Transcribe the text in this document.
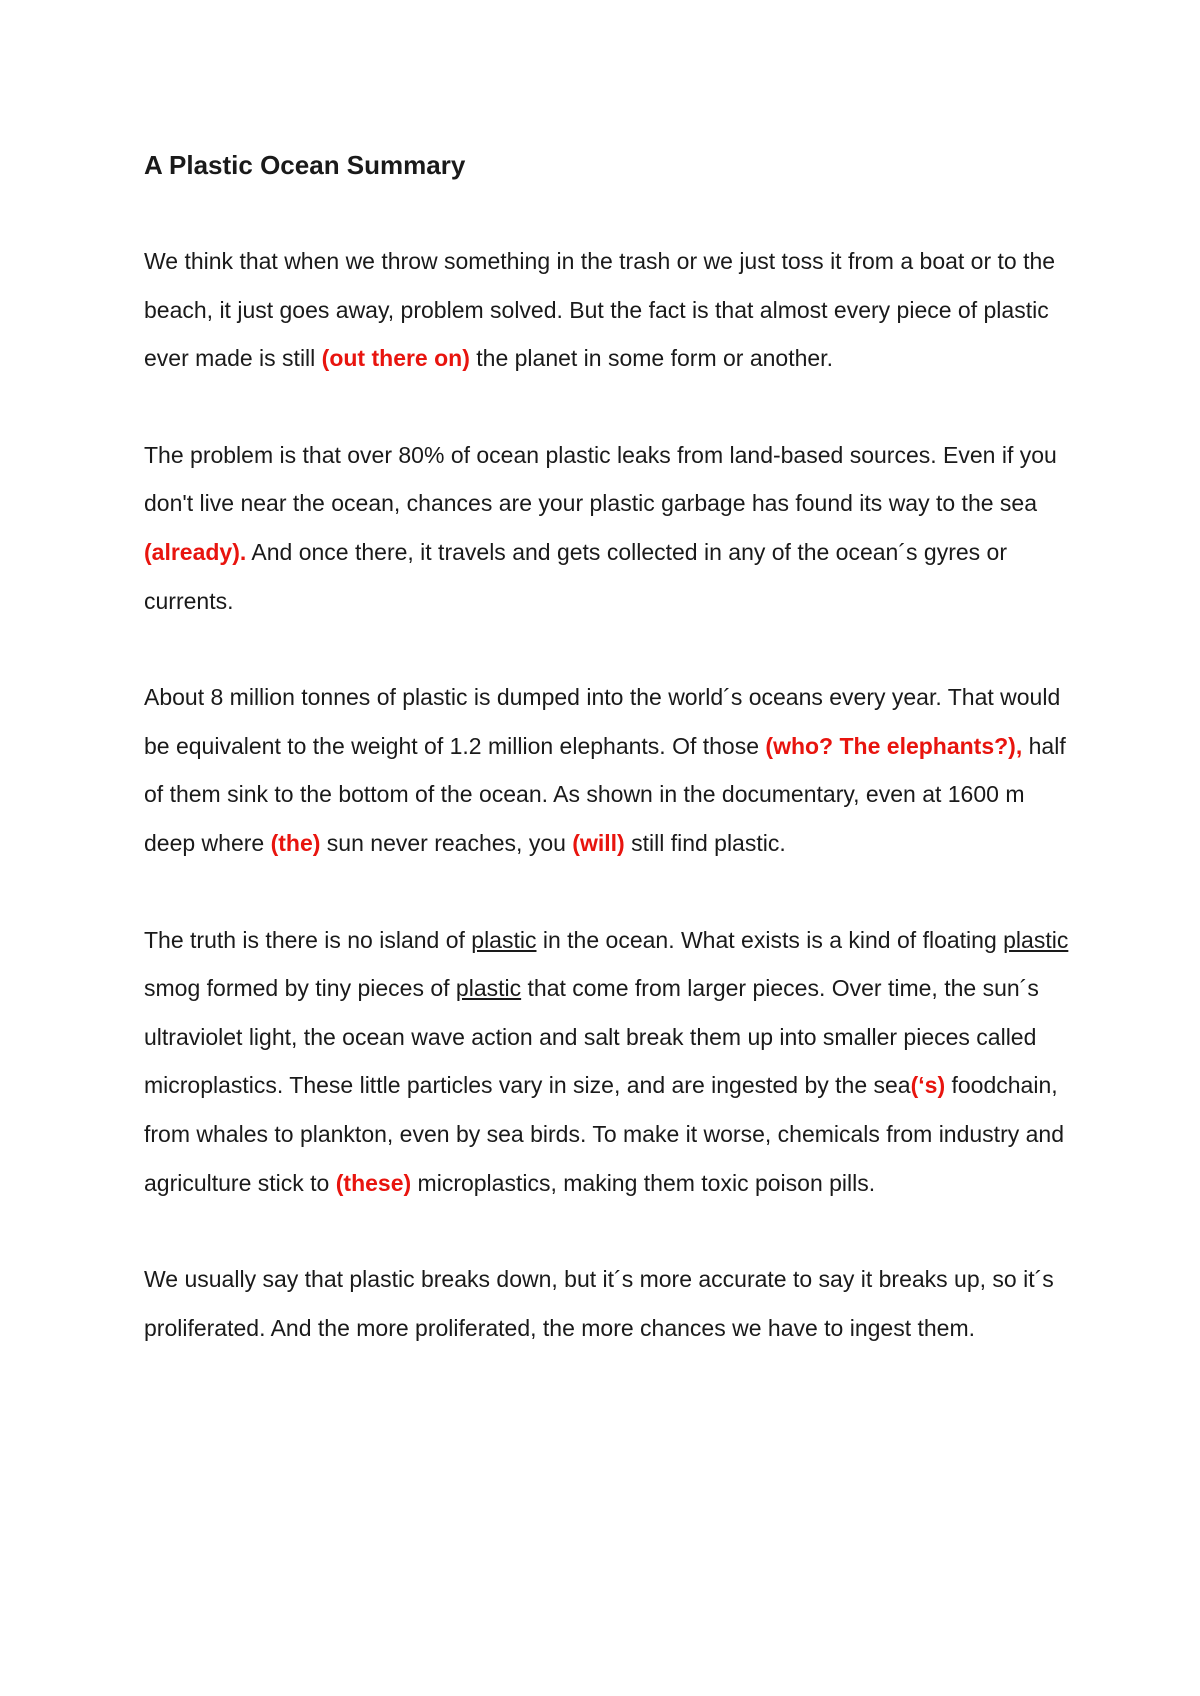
A Plastic Ocean Summary

We think that when we throw something in the trash or we just toss it from a boat or to the beach, it just goes away, problem solved. But the fact is that almost every piece of plastic ever made is still (out there on) the planet in some form or another.

The problem is that over 80% of ocean plastic leaks from land-based sources. Even if you don't live near the ocean, chances are your plastic garbage has found its way to the sea (already). And once there, it travels and gets collected in any of the ocean´s gyres or currents.

About 8 million tonnes of plastic is dumped into the world´s oceans every year. That would be equivalent to the weight of 1.2 million elephants. Of those (who? The elephants?), half of them sink to the bottom of the ocean. As shown in the documentary, even at 1600 m deep where (the) sun never reaches, you (will) still find plastic.

The truth is there is no island of plastic in the ocean. What exists is a kind of floating plastic smog formed by tiny pieces of plastic that come from larger pieces. Over time, the sun´s ultraviolet light, the ocean wave action and salt break them up into smaller pieces called microplastics. These little particles vary in size, and are ingested by the sea(‘s) foodchain, from whales to plankton, even by sea birds. To make it worse, chemicals from industry and agriculture stick to (these) microplastics, making them toxic poison pills.

We usually say that plastic breaks down, but it´s more accurate to say it breaks up, so it´s proliferated. And the more proliferated, the more chances we have to ingest them.
